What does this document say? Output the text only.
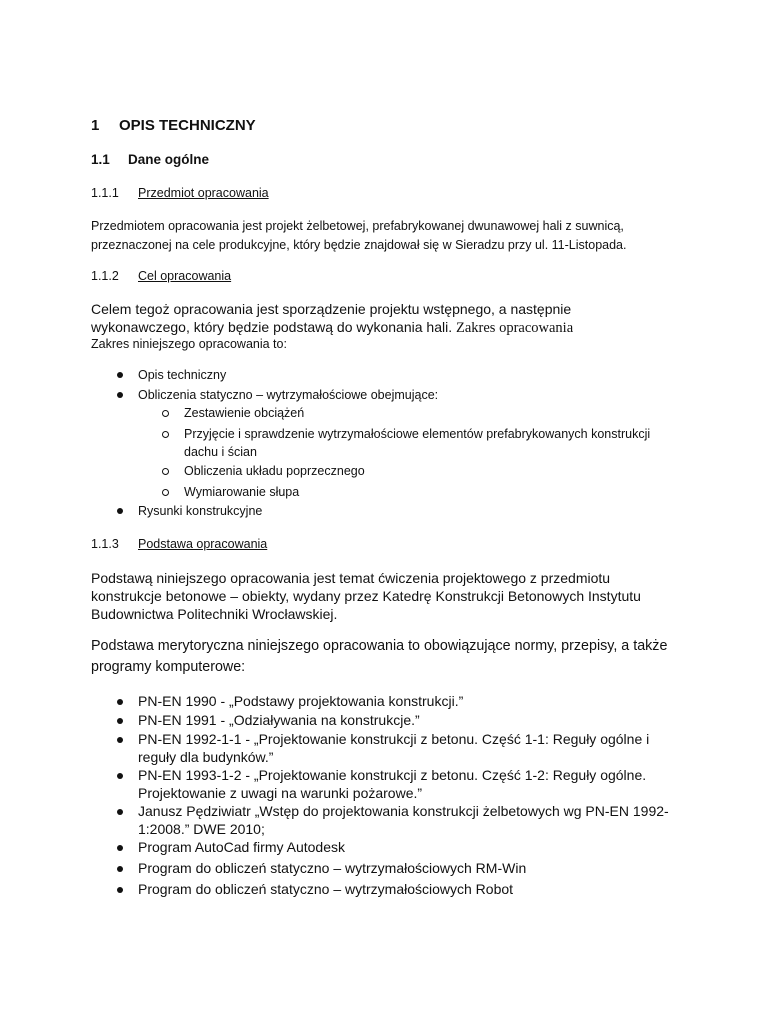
1 OPIS TECHNICZNY
1.1 Dane ogólne
1.1.1 Przedmiot opracowania
Przedmiotem opracowania jest projekt żelbetowej, prefabrykowanej dwunawowej hali z suwnicą,
przeznaczonej na cele produkcyjne, który będzie znajdował się w Sieradzu przy ul. 11-Listopada.
1.1.2 Cel opracowania
Celem tegoż opracowania jest sporządzenie projektu wstępnego, a następnie
wykonawczego, który będzie podstawą do wykonania hali. Zakres opracowania
Zakres niniejszego opracowania to:
Opis techniczny
Obliczenia statyczno – wytrzymałościowe obejmujące:
Zestawienie obciążeń
Przyjęcie i sprawdzenie wytrzymałościowe elementów prefabrykowanych konstrukcji
dachu i ścian
Obliczenia układu poprzecznego
Wymiarowanie słupa
Rysunki konstrukcyjne
1.1.3 Podstawa opracowania
Podstawą niniejszego opracowania jest temat ćwiczenia projektowego z przedmiotu
konstrukcje betonowe – obiekty, wydany przez Katedrę Konstrukcji Betonowych Instytutu
Budownictwa Politechniki Wrocławskiej.
Podstawa merytoryczna niniejszego opracowania to obowiązujące normy, przepisy, a także
programy komputerowe:
PN-EN 1990 - „Podstawy projektowania konstrukcji.”
PN-EN 1991 - „Odziaływania na konstrukcje.”
PN-EN 1992-1-1 - „Projektowanie konstrukcji z betonu. Część 1-1: Reguły ogólne i
reguły dla budynków.”
PN-EN 1993-1-2 - „Projektowanie konstrukcji z betonu. Część 1-2: Reguły ogólne.
Projektowanie z uwagi na warunki pożarowe.”
Janusz Pędziwiatr „Wstęp do projektowania konstrukcji żelbetowych wg PN-EN 1992-
1:2008.” DWE 2010;
Program AutoCad firmy Autodesk
Program do obliczeń statyczno – wytrzymałościowych RM-Win
Program do obliczeń statyczno – wytrzymałościowych Robot
